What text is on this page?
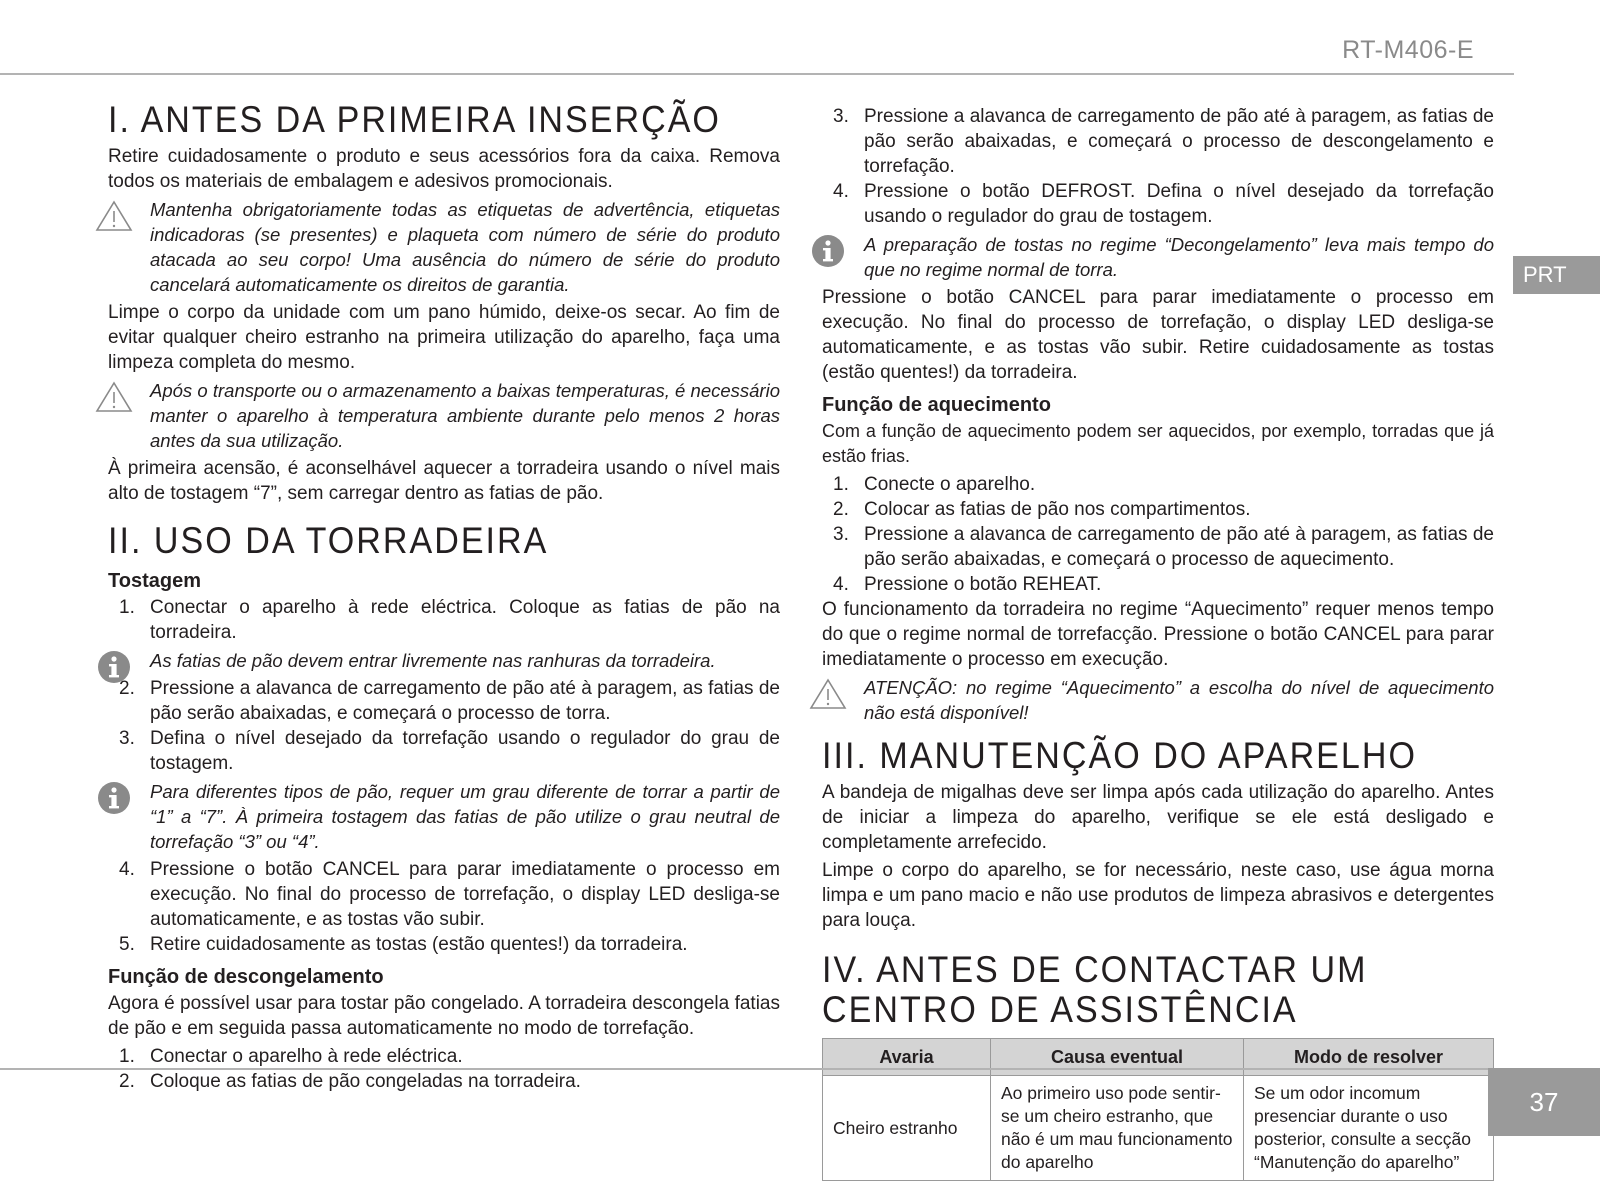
RT-M406-E
PRT
I. ANTES DA PRIMEIRA INSERÇÃO

Retire cuidadosamente o produto e seus acessórios fora da caixa. Remova todos os materiais de embalagem e adesivos promocionais.

Mantenha obrigatoriamente todas as etiquetas de advertência, etiquetas indicadoras (se presentes) e plaqueta com número de série do produto atacada ao seu corpo! Uma ausência do número de série do produto cancelará automaticamente os direitos de garantia.

Limpe o corpo da unidade com um pano húmido, deixe-os secar. Ao fim de evitar qualquer cheiro estranho na primeira utilização do aparelho, faça uma limpeza completa do mesmo.

Após o transporte ou o armazenamento a baixas temperaturas, é necessário manter o aparelho à temperatura ambiente durante pelo menos 2 horas antes da sua utilização.

À primeira acensão, é aconselhável aquecer a torradeira usando o nível mais alto de tostagem “7”, sem carregar dentro as fatias de pão.

II. USO DA TORRADEIRA
Tostagem
1. Conectar o aparelho à rede eléctrica. Coloque as fatias de pão na torradeira.
As fatias de pão devem entrar livremente nas ranhuras da torradeira.
2. Pressione a alavanca de carregamento de pão até à paragem, as fatias de pão serão abaixadas, e começará o processo de torra.
3. Defina o nível desejado da torrefação usando o regulador do grau de tostagem.
Para diferentes tipos de pão, requer um grau diferente de torrar a partir de “1” a “7”. À primeira tostagem das fatias de pão utilize o grau neutral de torrefação “3” ou “4”.
4. Pressione o botão CANCEL para parar imediatamente o processo em execução. No final do processo de torrefação, o display LED desliga-se automaticamente, e as tostas vão subir.
5. Retire cuidadosamente as tostas (estão quentes!) da torradeira.
Função de descongelamento

Agora é possível usar para tostar pão congelado. A torradeira descongela fatias de pão e em seguida passa automaticamente no modo de torrefação.

1. Conectar o aparelho à rede eléctrica.
2. Coloque as fatias de pão congeladas na torradeira.
3. Pressione a alavanca de carregamento de pão até à paragem, as fatias de pão serão abaixadas, e começará o processo de descongelamento e torrefação.
4. Pressione o botão DEFROST. Defina o nível desejado da torrefação usando o regulador do grau de tostagem.
A preparação de tostas no regime “Decongelamento” leva mais tempo do que no regime normal de torra.

Pressione o botão CANCEL para parar imediatamente o processo em execução. No final do processo de torrefação, o display LED desliga-se automaticamente, e as tostas vão subir. Retire cuidadosamente as tostas (estão quentes!) da torradeira.

Função de aquecimento

Com a função de aquecimento podem ser aquecidos, por exemplo, torradas que já estão frias.

1. Conecte o aparelho.
2. Colocar as fatias de pão nos compartimentos.
3. Pressione a alavanca de carregamento de pão até à paragem, as fatias de pão serão abaixadas, e começará o processo de aquecimento.
4. Pressione o botão REHEAT.

O funcionamento da torradeira no regime “Aquecimento” requer menos tempo do que o regime normal de torrefacção. Pressione o botão CANCEL para parar imediatamente o processo em execução.

ATENÇÃO: no regime “Aquecimento” a escolha do nível de aquecimento não está disponível!
III. MANUTENÇÃO DO APARELHO

A bandeja de migalhas deve ser limpa após cada utilização do aparelho. Antes de iniciar a limpeza do aparelho, verifique se ele está desligado e completamente arrefecido.

Limpe o corpo do aparelho, se for necessário, neste caso, use água morna limpa e um pano macio e não use produtos de limpeza abrasivos e detergentes para louça.

IV. ANTES DE CONTACTAR UM CENTRO DE ASSISTÊNCIA
Avaria	Causa eventual	Modo de resolver
Cheiro estranho	Ao primeiro uso pode sentir-se um cheiro estranho, que não é um mau funcionamento do aparelho	Se um odor incomum presenciar durante o uso posterior, consulte a secção “Manutenção do aparelho”
37
